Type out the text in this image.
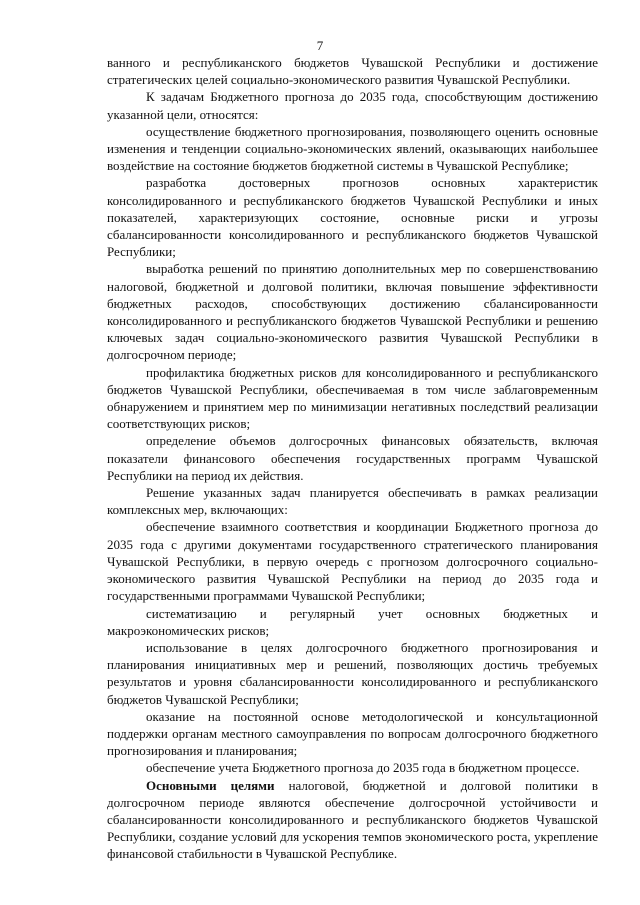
7

ванного и республиканского бюджетов Чувашской Республики и достижение стратегических целей социально-экономического развития Чувашской Республики.

К задачам Бюджетного прогноза до 2035 года, способствующим достижению указанной цели, относятся:

осуществление бюджетного прогнозирования, позволяющего оценить основные изменения и тенденции социально-экономических явлений, оказывающих наибольшее воздействие на состояние бюджетов бюджетной системы в Чувашской Республике;

разработка достоверных прогнозов основных характеристик консолидированного и республиканского бюджетов Чувашской Республики и иных показателей, характеризующих состояние, основные риски и угрозы сбалансированности консолидированного и республиканского бюджетов Чувашской Республики;

выработка решений по принятию дополнительных мер по совершенствованию налоговой, бюджетной и долговой политики, включая повышение эффективности бюджетных расходов, способствующих достижению сбалансированности консолидированного и республиканского бюджетов Чувашской Республики и решению ключевых задач социально-экономического развития Чувашской Республики в долгосрочном периоде;

профилактика бюджетных рисков для консолидированного и республиканского бюджетов Чувашской Республики, обеспечиваемая в том числе заблаговременным обнаружением и принятием мер по минимизации негативных последствий реализации соответствующих рисков;

определение объемов долгосрочных финансовых обязательств, включая показатели финансового обеспечения государственных программ Чувашской Республики на период их действия.

Решение указанных задач планируется обеспечивать в рамках реализации комплексных мер, включающих:

обеспечение взаимного соответствия и координации Бюджетного прогноза до 2035 года с другими документами государственного стратегического планирования Чувашской Республики, в первую очередь с прогнозом долгосрочного социально-экономического развития Чувашской Республики на период до 2035 года и государственными программами Чувашской Республики;

систематизацию и регулярный учет основных бюджетных и макроэкономических рисков;

использование в целях долгосрочного бюджетного прогнозирования и планирования инициативных мер и решений, позволяющих достичь требуемых результатов и уровня сбалансированности консолидированного и республиканского бюджетов Чувашской Республики;

оказание на постоянной основе методологической и консультационной поддержки органам местного самоуправления по вопросам долгосрочного бюджетного прогнозирования и планирования;

обеспечение учета Бюджетного прогноза до 2035 года в бюджетном процессе.

Основными целями налоговой, бюджетной и долговой политики в долгосрочном периоде являются обеспечение долгосрочной устойчивости и сбалансированности консолидированного и республиканского бюджетов Чувашской Республики, создание условий для ускорения темпов экономического роста, укрепление финансовой стабильности в Чувашской Республике.
